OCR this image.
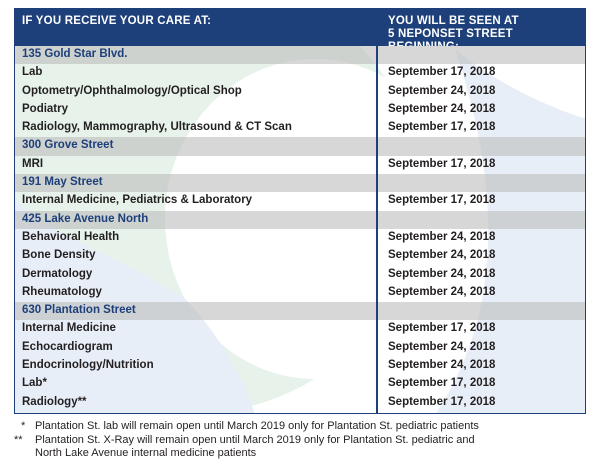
IF YOU RECEIVE YOUR CARE AT:	YOU WILL BE SEEN AT
5 NEPONSET STREET
135 Gold Star Blvd.
Lab	September 17, 2018
Optometry/Ophthalmology/Optical Shop	September 24, 2018
Podiatry	September 24, 2018
Radiology, Mammography, Ultrasound & CT Scan	September 17, 2018
300 Grove Street
MRI	September 17, 2018
191 May Street
Internal Medicine, Pediatrics & Laboratory	September 17, 2018
425 Lake Avenue North
Behavioral Health	September 24, 2018
Bone Density	September 24, 2018
Dermatology	September 24, 2018
Rheumatology	September 24, 2018
630 Plantation Street
Internal Medicine	September 17, 2018
Echocardiogram	September 24, 2018
Endocrinology/Nutrition	September 24, 2018
Lab*	September 17, 2018
Radiology**	September 17, 2018
* Plantation St. lab will remain open until March 2019 only for Plantation St. pediatric patients
** Plantation St. X-Ray will remain open until March 2019 only for Plantation St. pediatric and
North Lake Avenue internal medicine patients
